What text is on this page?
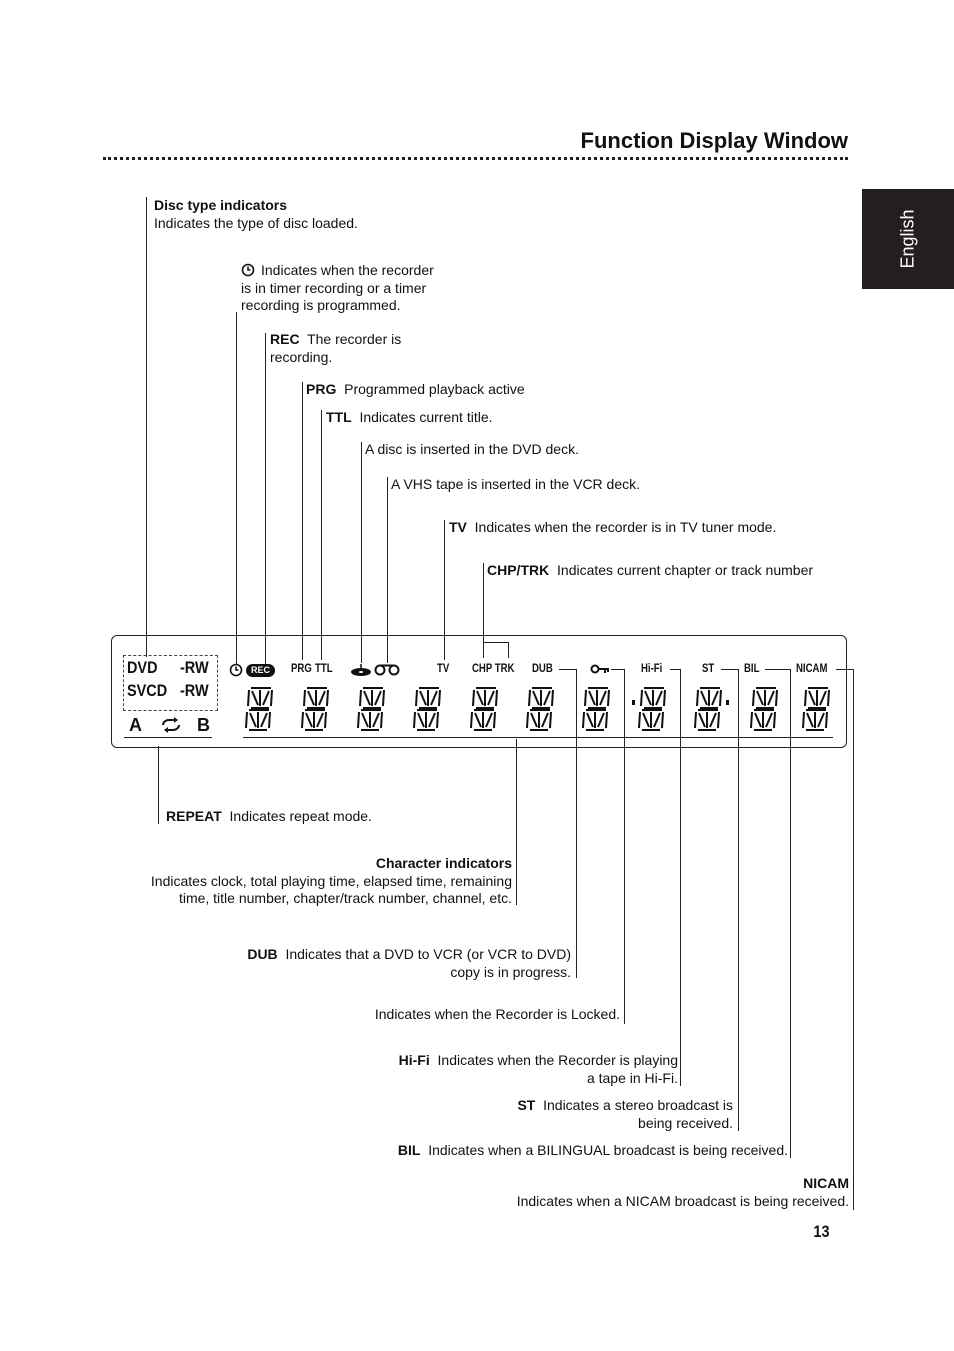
Function Display Window
English
Disc type indicators
Indicates the type of disc loaded.
Indicates when the recorder
is in timer recording or a timer
recording is programmed.
REC The recorder is
recording.
PRG Programmed playback active
TTL Indicates current title.
A disc is inserted in the DVD deck.
A VHS tape is inserted in the VCR deck.
TV Indicates when the recorder is in TV tuner mode.
CHP/TRK Indicates current chapter or track number
DVD -RW
SVCD -RW
A	B
REC	PRG TTL	TV CHP TRK DUB	Hi-Fi	ST BIL	NICAM
REPEAT Indicates repeat mode.
Character indicators
Indicates clock, total playing time, elapsed time, remaining
time, title number, chapter/track number, channel, etc.
DUB Indicates that a DVD to VCR (or VCR to DVD)
copy is in progress.
Indicates when the Recorder is Locked.
Hi-Fi Indicates when the Recorder is playing
a tape in Hi-Fi.
ST Indicates a stereo broadcast is
being received.
BIL Indicates when a BILINGUAL broadcast is being received.
NICAM
Indicates when a NICAM broadcast is being received.
13
